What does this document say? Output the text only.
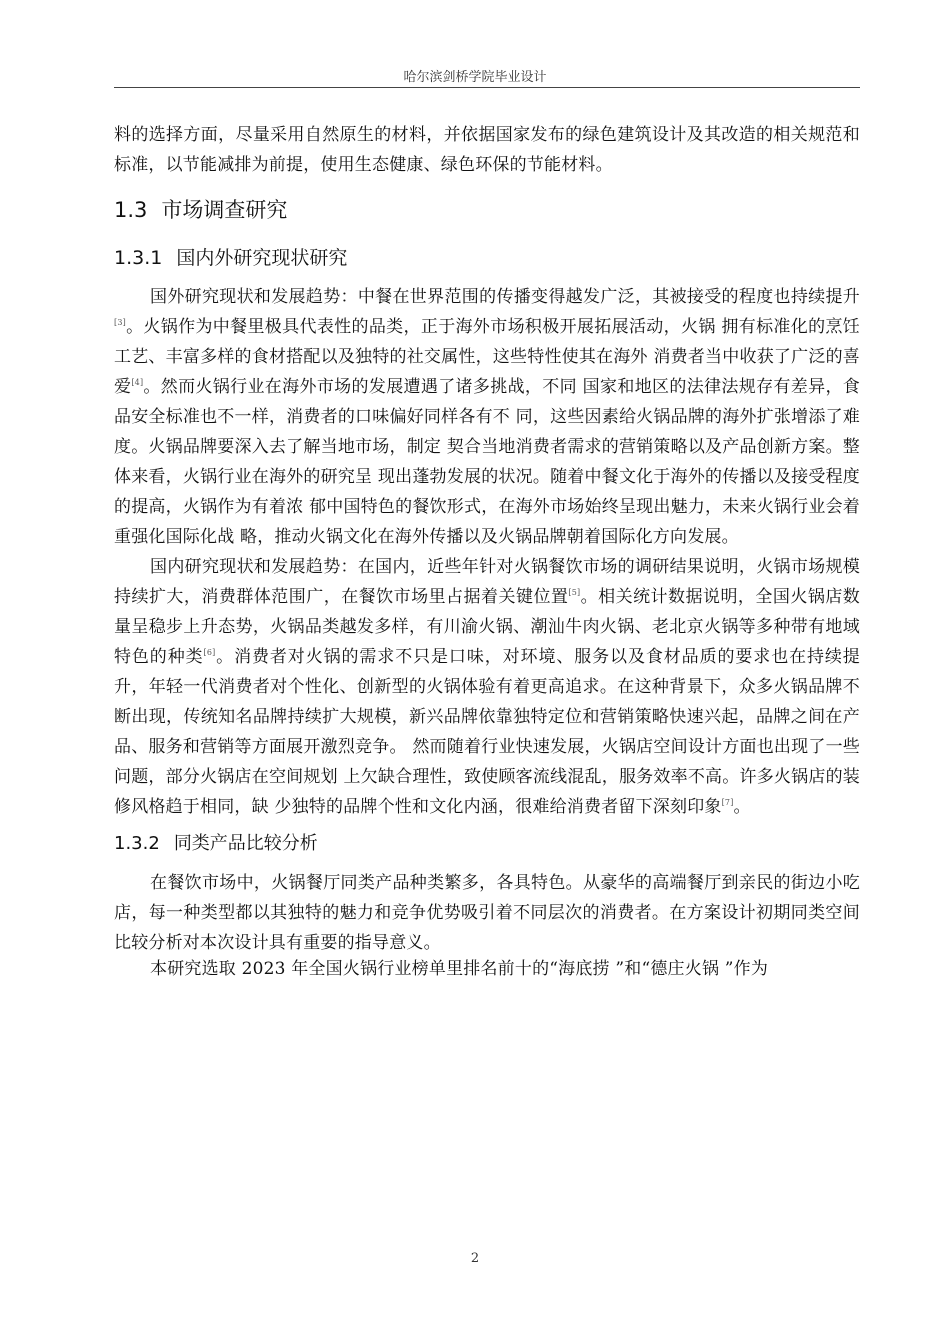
哈尔滨剑桥学院毕业设计

料的选择方面，尽量采用自然原生的材料，并依据国家发布的绿色建筑设计及其改造的相关规范和标准，以节能减排为前提，使用生态健康、绿色环保的节能材料。

1.3 市场调查研究
1.3.1 国内外研究现状研究

国外研究现状和发展趋势：中餐在世界范围的传播变得越发广泛，其被接受的程度也持续提升[3]。火锅作为中餐里极具代表性的品类，正于海外市场积极开展拓展活动，火锅 拥有标准化的烹饪工艺、丰富多样的食材搭配以及独特的社交属性，这些特性使其在海外 消费者当中收获了广泛的喜爱[4]。然而火锅行业在海外市场的发展遭遇了诸多挑战，不同 国家和地区的法律法规存有差异，食品安全标准也不一样，消费者的口味偏好同样各有不 同，这些因素给火锅品牌的海外扩张增添了难度。火锅品牌要深入去了解当地市场，制定 契合当地消费者需求的营销策略以及产品创新方案。整体来看，火锅行业在海外的研究呈 现出蓬勃发展的状况。随着中餐文化于海外的传播以及接受程度的提高，火锅作为有着浓 郁中国特色的餐饮形式，在海外市场始终呈现出魅力，未来火锅行业会着重强化国际化战 略，推动火锅文化在海外传播以及火锅品牌朝着国际化方向发展。

国内研究现状和发展趋势：在国内，近些年针对火锅餐饮市场的调研结果说明，火锅市场规模持续扩大，消费群体范围广，在餐饮市场里占据着关键位置[5]。相关统计数据说明，全国火锅店数量呈稳步上升态势，火锅品类越发多样，有川渝火锅、潮汕牛肉火锅、老北京火锅等多种带有地域特色的种类[6]。消费者对火锅的需求不只是口味，对环境、服务以及食材品质的要求也在持续提升，年轻一代消费者对个性化、创新型的火锅体验有着更高追求。在这种背景下，众多火锅品牌不断出现，传统知名品牌持续扩大规模，新兴品牌依靠独特定位和营销策略快速兴起，品牌之间在产品、服务和营销等方面展开激烈竞争。 然而随着行业快速发展，火锅店空间设计方面也出现了一些问题，部分火锅店在空间规划 上欠缺合理性，致使顾客流线混乱，服务效率不高。许多火锅店的装修风格趋于相同，缺 少独特的品牌个性和文化内涵，很难给消费者留下深刻印象[7]。

1.3.2 同类产品比较分析

在餐饮市场中，火锅餐厅同类产品种类繁多，各具特色。从豪华的高端餐厅到亲民的街边小吃店，每一种类型都以其独特的魅力和竞争优势吸引着不同层次的消费者。在方案设计初期同类空间比较分析对本次设计具有重要的指导意义。

本研究选取 2023 年全国火锅行业榜单里排名前十的“海底捞 ”和“德庄火锅 ”作为

2
